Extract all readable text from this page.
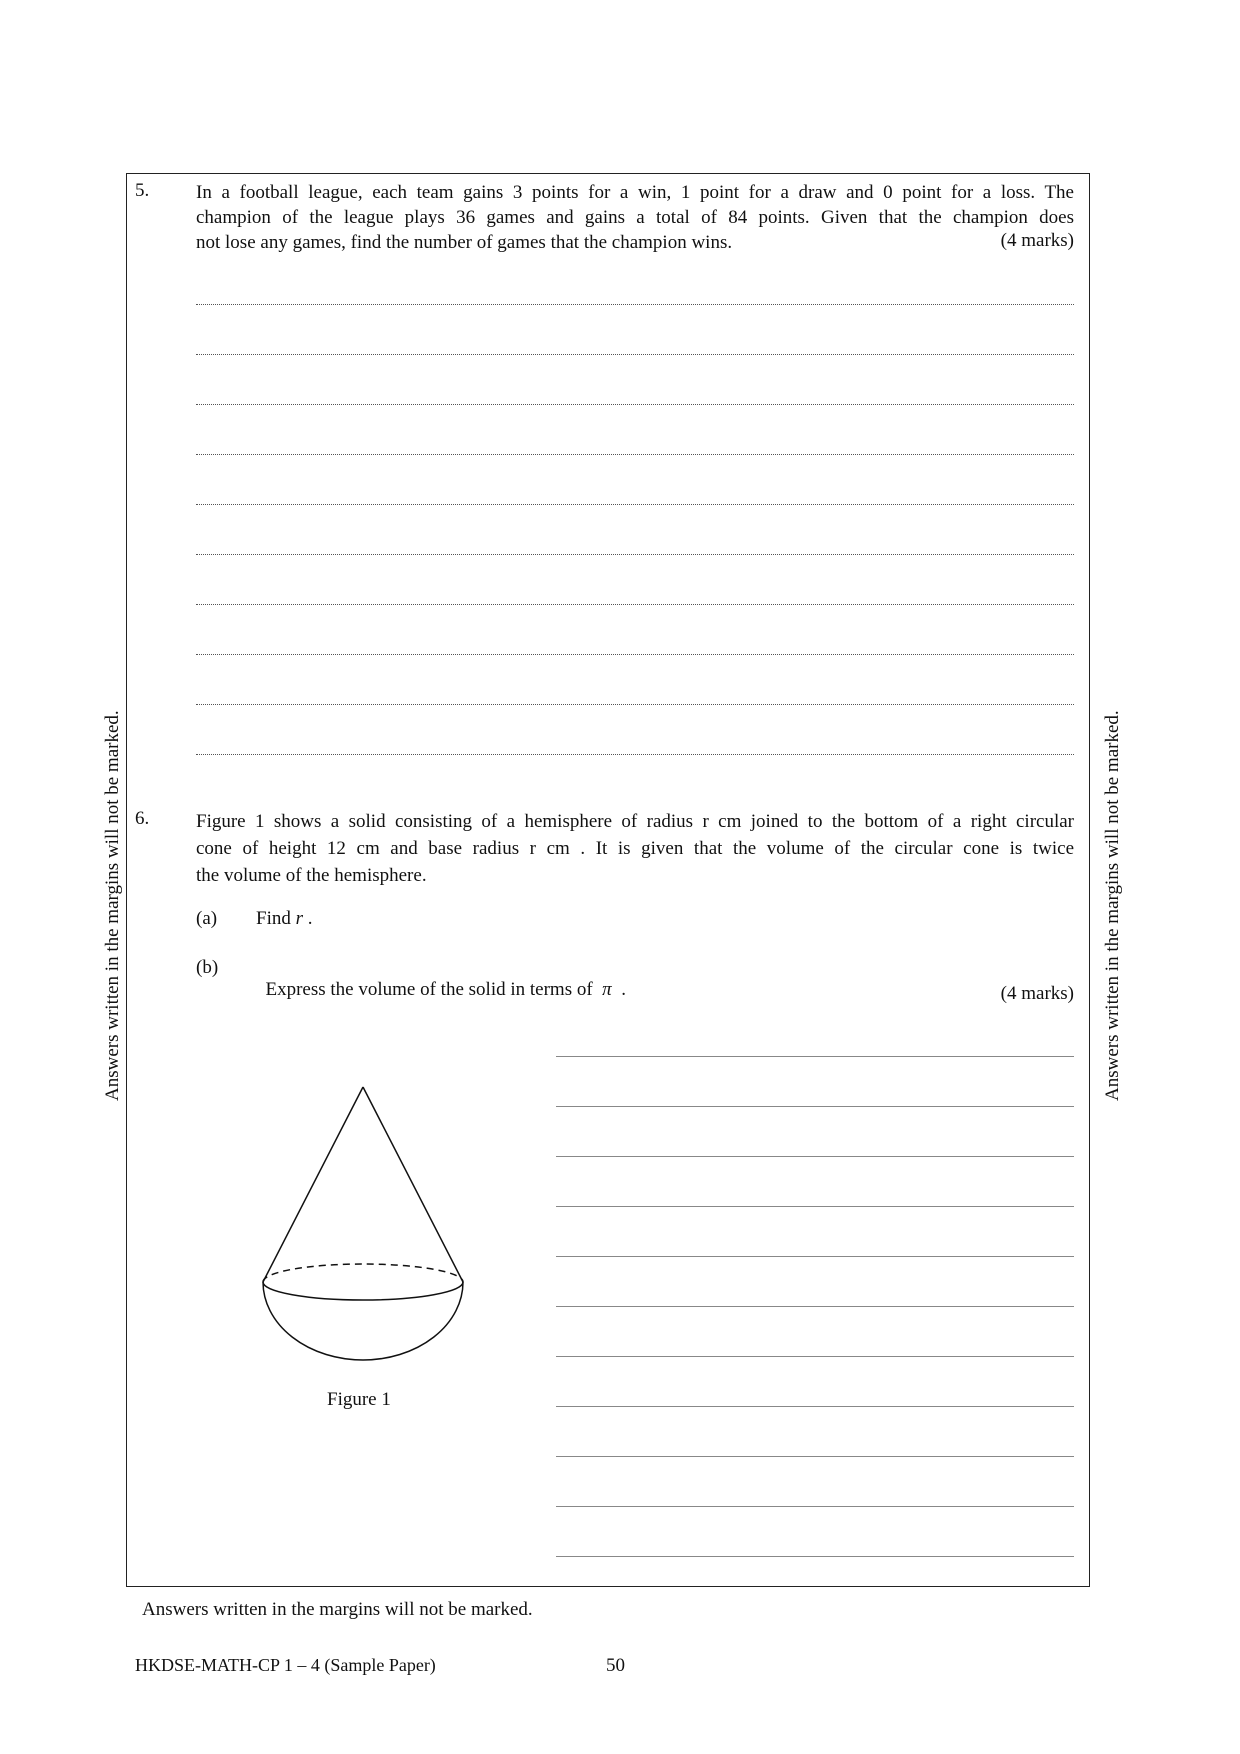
Answers written in the margins will not be marked.	Answers written in the margins will not be marked.
5. In a football league, each team gains 3 points for a win, 1 point for a draw and 0 point for a loss. The
champion of the league plays 36 games and gains a total of 84 points. Given that the champion does
not lose any games, find the number of games that the champion wins.	(4 marks)
6. Figure 1 shows a solid consisting of a hemisphere of radius r cm joined to the bottom of a right circular
cone of height 12 cm and base radius r cm . It is given that the volume of the circular cone is twice
the volume of the hemisphere.
(a) Find r .
(b)

Express the volume of the solid in terms of  π  .	(4 marks)
Figure 1
Answers written in the margins will not be marked.
HKDSE-MATH-CP 1 – 4 (Sample Paper)	50
